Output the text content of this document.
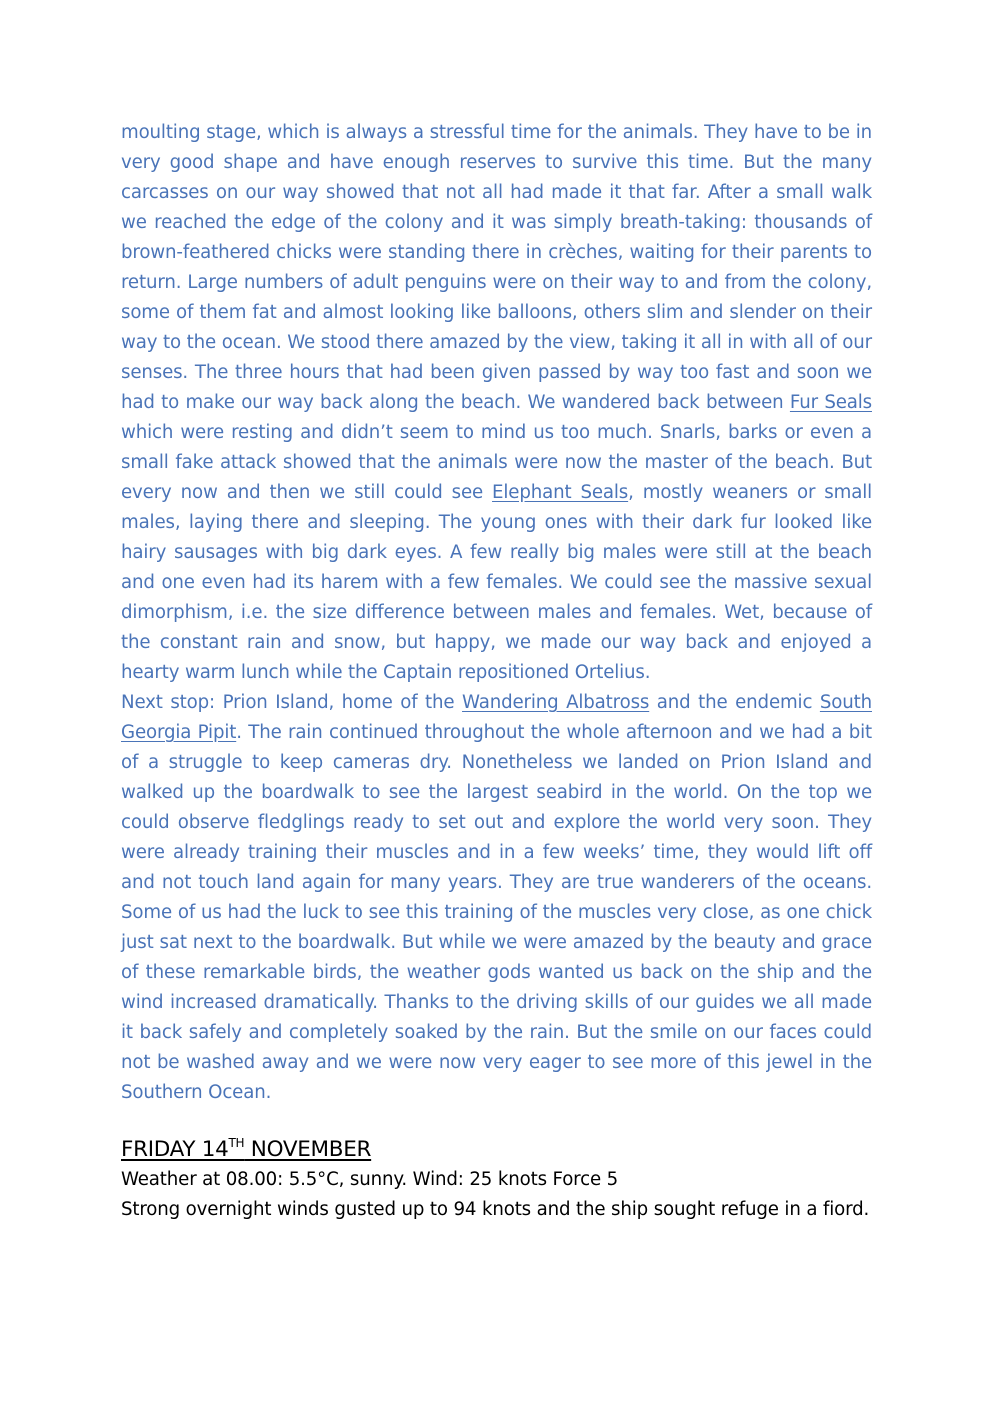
moulting stage, which is always a stressful time for the animals. They have to be in very good shape and have enough reserves to survive this time. But the many carcasses on our way showed that not all had made it that far. After a small walk we reached the edge of the colony and it was simply breath-taking: thousands of brown-feathered chicks were standing there in crèches, waiting for their parents to return. Large numbers of adult penguins were on their way to and from the colony, some of them fat and almost looking like balloons, others slim and slender on their way to the ocean. We stood there amazed by the view, taking it all in with all of our senses. The three hours that had been given passed by way too fast and soon we had to make our way back along the beach. We wandered back between Fur Seals which were resting and didn’t seem to mind us too much. Snarls, barks or even a small fake attack showed that the animals were now the master of the beach. But every now and then we still could see Elephant Seals, mostly weaners or small males, laying there and sleeping. The young ones with their dark fur looked like hairy sausages with big dark eyes. A few really big males were still at the beach and one even had its harem with a few females. We could see the massive sexual dimorphism, i.e. the size difference between males and females. Wet, because of the constant rain and snow, but happy, we made our way back and enjoyed a hearty warm lunch while the Captain repositioned Ortelius.

Next stop: Prion Island, home of the Wandering Albatross and the endemic South Georgia Pipit. The rain continued throughout the whole afternoon and we had a bit of a struggle to keep cameras dry. Nonetheless we landed on Prion Island and walked up the boardwalk to see the largest seabird in the world. On the top we could observe fledglings ready to set out and explore the world very soon. They were already training their muscles and in a few weeks’ time, they would lift off and not touch land again for many years. They are true wanderers of the oceans. Some of us had the luck to see this training of the muscles very close, as one chick just sat next to the boardwalk. But while we were amazed by the beauty and grace of these remarkable birds, the weather gods wanted us back on the ship and the wind increased dramatically. Thanks to the driving skills of our guides we all made it back safely and completely soaked by the rain. But the smile on our faces could not be washed away and we were now very eager to see more of this jewel in the Southern Ocean.

FRIDAY 14TH NOVEMBER

Weather at 08.00: 5.5°C, sunny. Wind: 25 knots Force 5

Strong overnight winds gusted up to 94 knots and the ship sought refuge in a fiord.
